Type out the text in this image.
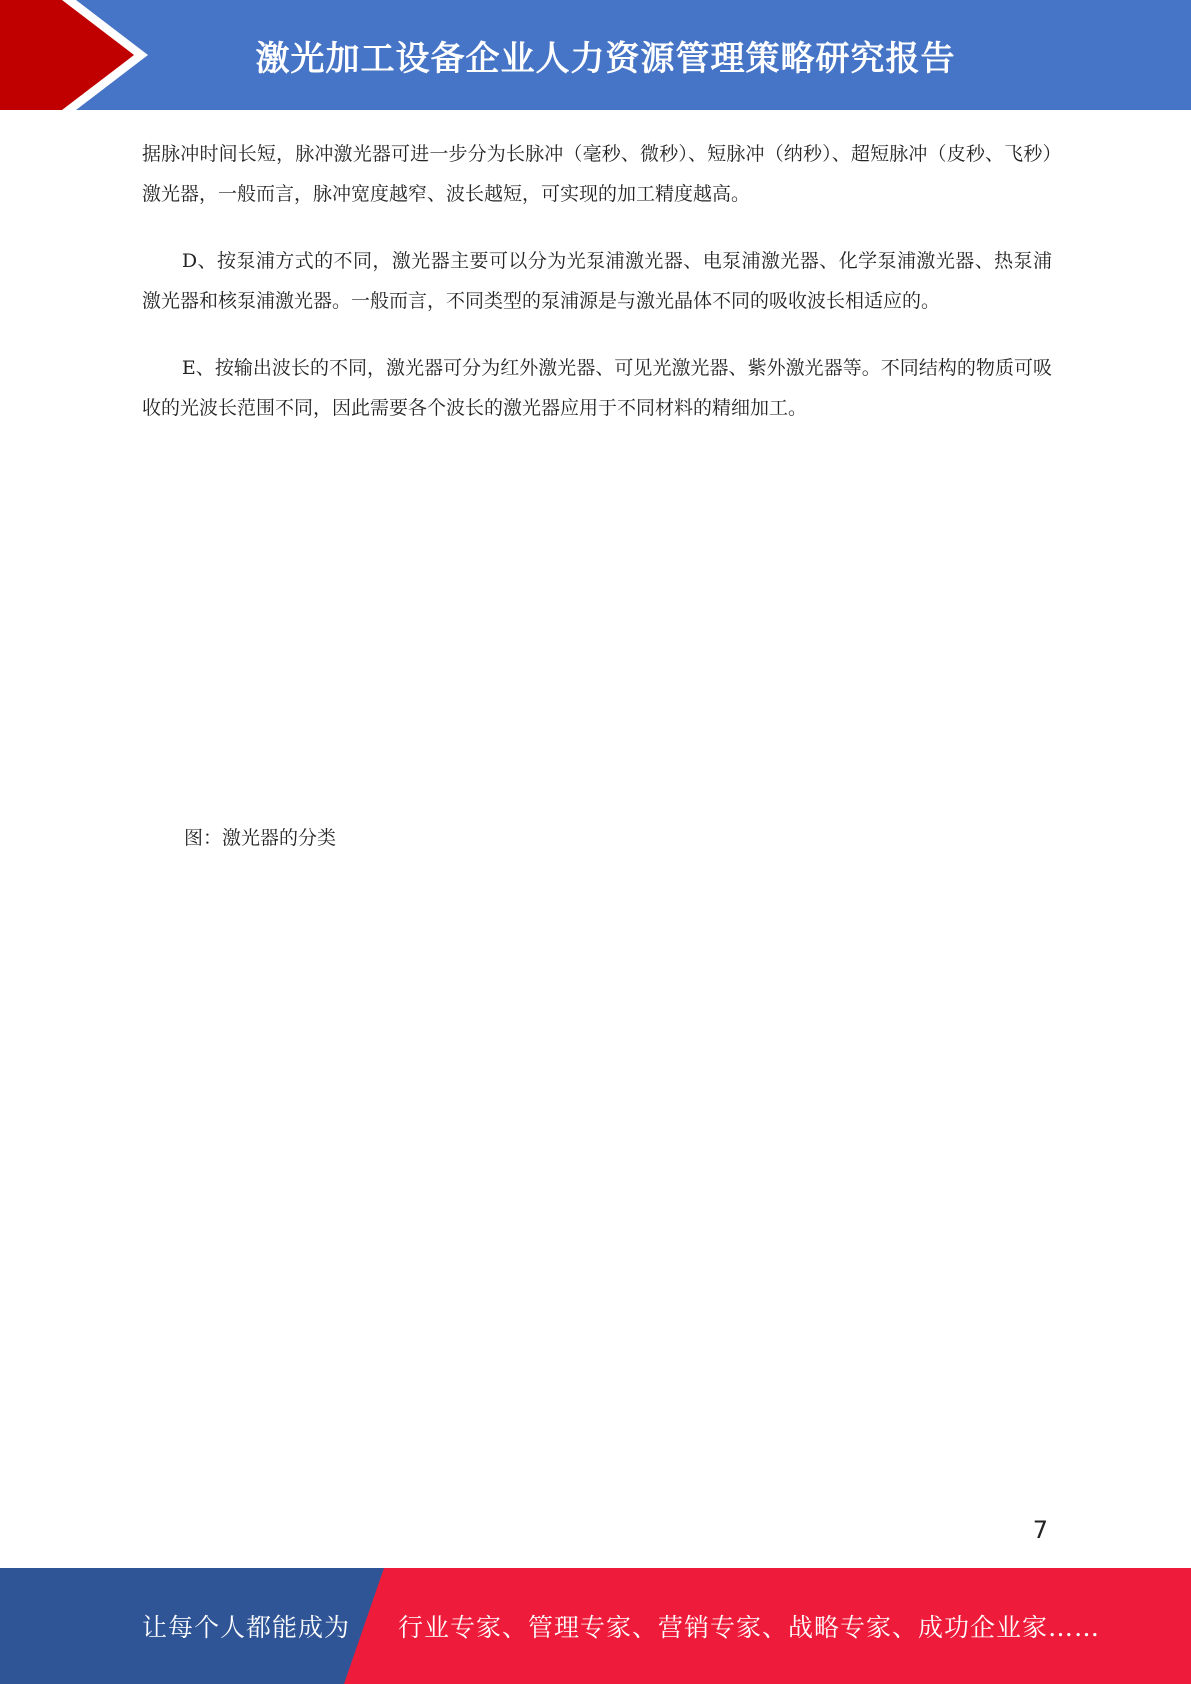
激光加工设备企业人力资源管理策略研究报告

据脉冲时间长短，脉冲激光器可进一步分为长脉冲（毫秒、微秒）、短脉冲（纳秒）、超短脉冲（皮秒、飞秒）激光器，一般而言，脉冲宽度越窄、波长越短，可实现的加工精度越高。

D、按泵浦方式的不同，激光器主要可以分为光泵浦激光器、电泵浦激光器、化学泵浦激光器、热泵浦激光器和核泵浦激光器。一般而言，不同类型的泵浦源是与激光晶体不同的吸收波长相适应的。

E、按输出波长的不同，激光器可分为红外激光器、可见光激光器、紫外激光器等。不同结构的物质可吸收的光波长范围不同，因此需要各个波长的激光器应用于不同材料的精细加工。

图：激光器的分类
7
让每个人都能成为 行业专家、管理专家、营销专家、战略专家、成功企业家……
